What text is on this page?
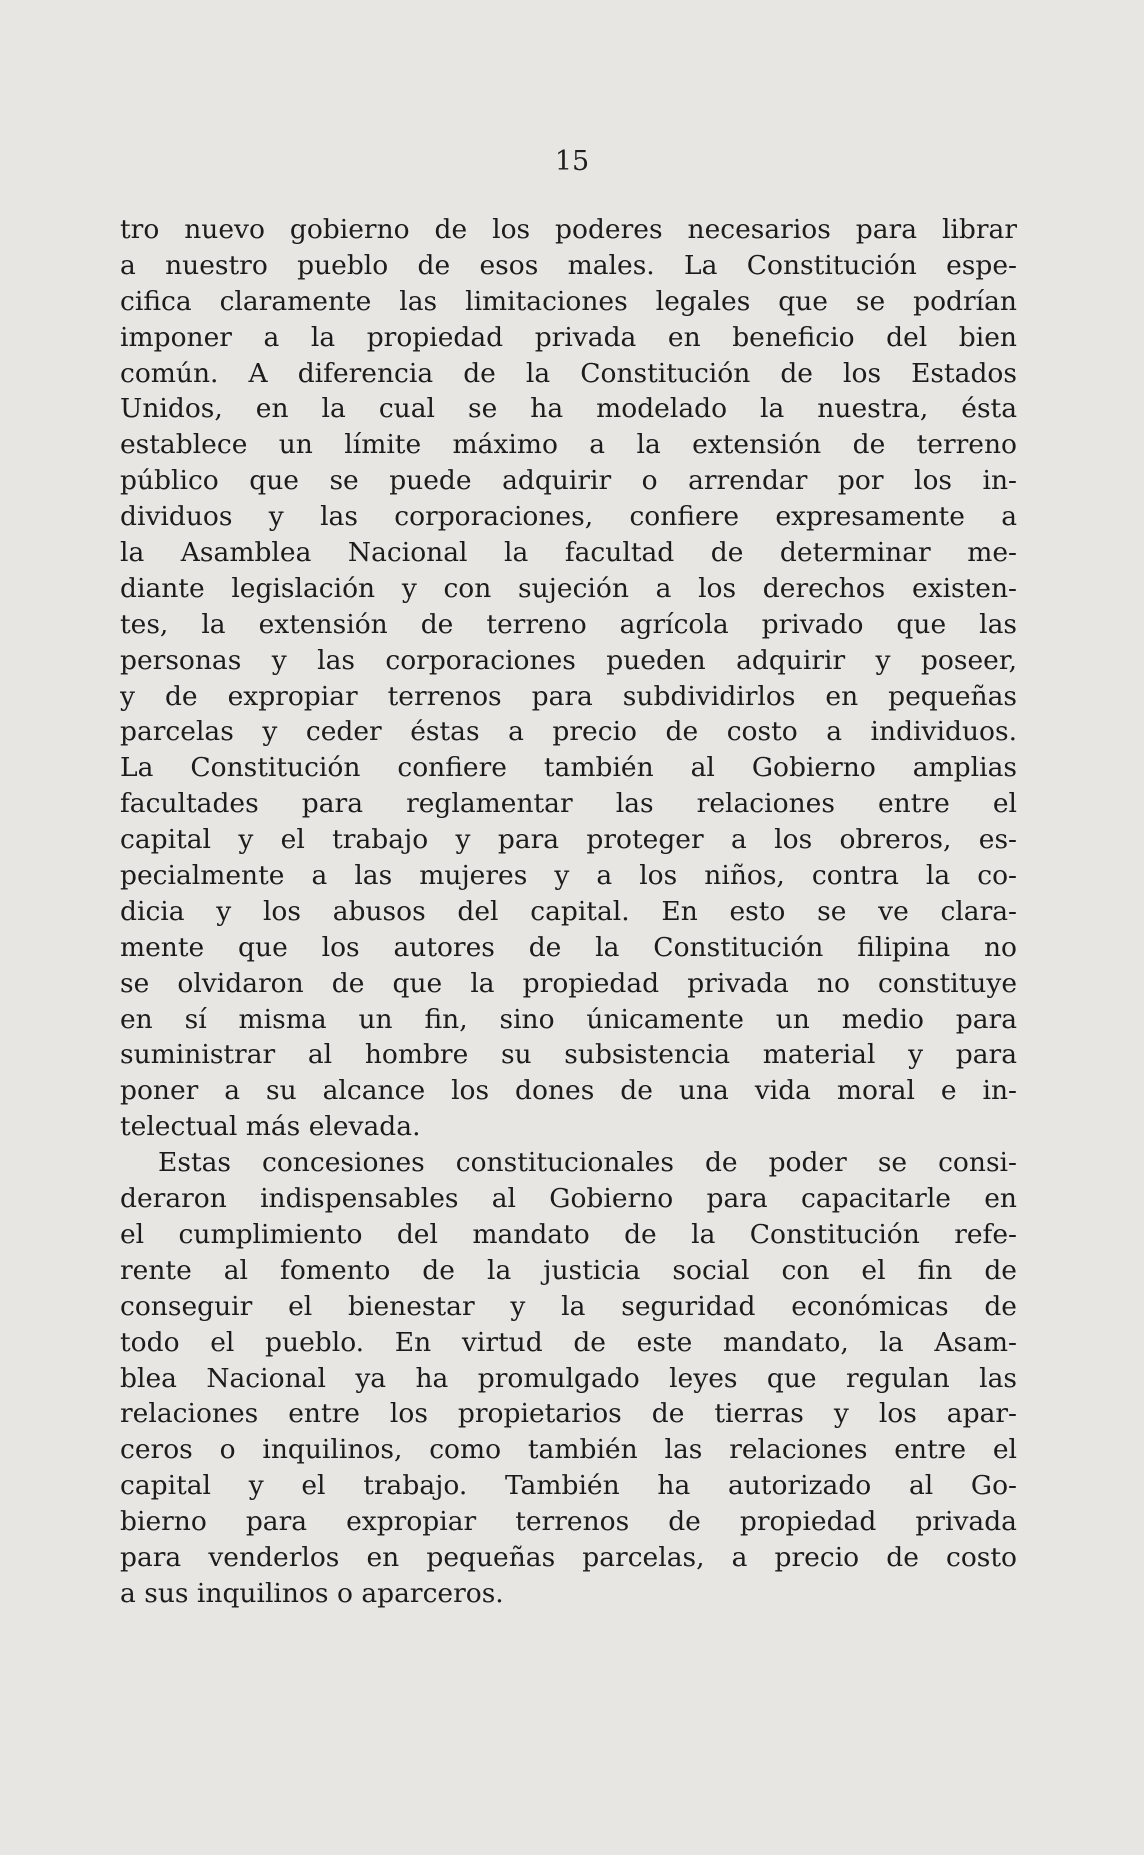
15
tro nuevo gobierno de los poderes necesarios para librar
a nuestro pueblo de esos males. La Constitución espe-
cifica claramente las limitaciones legales que se podrían
imponer a la propiedad privada en beneficio del bien
común. A diferencia de la Constitución de los Estados
Unidos, en la cual se ha modelado la nuestra, ésta
establece un límite máximo a la extensión de terreno
público que se puede adquirir o arrendar por los in-
dividuos y las corporaciones, confiere expresamente a
la Asamblea Nacional la facultad de determinar me-
diante legislación y con sujeción a los derechos existen-
tes, la extensión de terreno agrícola privado que las
personas y las corporaciones pueden adquirir y poseer,
y de expropiar terrenos para subdividirlos en pequeñas
parcelas y ceder éstas a precio de costo a individuos.
La Constitución confiere también al Gobierno amplias
facultades para reglamentar las relaciones entre el
capital y el trabajo y para proteger a los obreros, es-
pecialmente a las mujeres y a los niños, contra la co-
dicia y los abusos del capital. En esto se ve clara-
mente que los autores de la Constitución filipina no
se olvidaron de que la propiedad privada no constituye
en sí misma un fin, sino únicamente un medio para
suministrar al hombre su subsistencia material y para
poner a su alcance los dones de una vida moral e in-
telectual más elevada.
Estas concesiones constitucionales de poder se consi-
deraron indispensables al Gobierno para capacitarle en
el cumplimiento del mandato de la Constitución refe-
rente al fomento de la justicia social con el fin de
conseguir el bienestar y la seguridad económicas de
todo el pueblo. En virtud de este mandato, la Asam-
blea Nacional ya ha promulgado leyes que regulan las
relaciones entre los propietarios de tierras y los apar-
ceros o inquilinos, como también las relaciones entre el
capital y el trabajo. También ha autorizado al Go-
bierno para expropiar terrenos de propiedad privada
para venderlos en pequeñas parcelas, a precio de costo
a sus inquilinos o aparceros.
